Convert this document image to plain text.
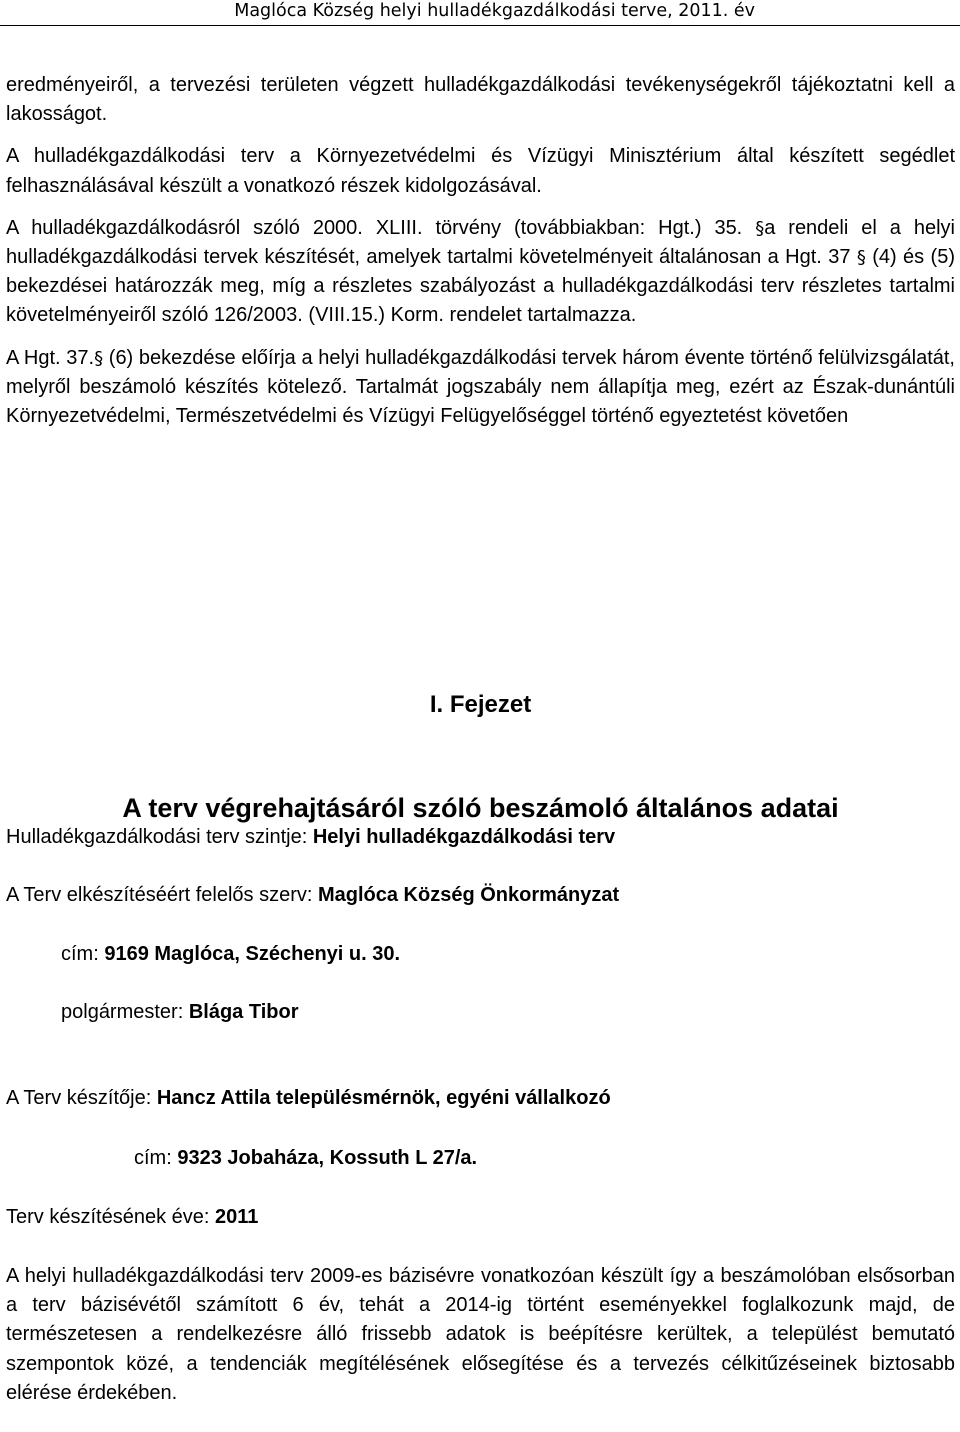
Maglóca Község helyi hulladékgazdálkodási terve, 2011. év

eredményeiről, a tervezési területen végzett hulladékgazdálkodási tevékenységekről tájékoztatni kell a lakosságot.

A hulladékgazdálkodási terv a Környezetvédelmi és Vízügyi Minisztérium által készített segédlet felhasználásával készült a vonatkozó részek kidolgozásával.

A hulladékgazdálkodásról szóló 2000. XLIII. törvény (továbbiakban: Hgt.) 35. §a rendeli el a helyi hulladékgazdálkodási tervek készítését, amelyek tartalmi követelményeit általánosan a Hgt. 37 § (4) és (5) bekezdései határozzák meg, míg a részletes szabályozást a hulladékgazdálkodási terv részletes tartalmi követelményeiről szóló 126/2003. (VIII.15.) Korm. rendelet tartalmazza.

A Hgt. 37.§ (6) bekezdése előírja a helyi hulladékgazdálkodási tervek három évente történő felülvizsgálatát, melyről beszámoló készítés kötelező. Tartalmát jogszabály nem állapítja meg, ezért az Észak-dunántúli Környezetvédelmi, Természetvédelmi és Vízügyi Felügyelőséggel történő egyeztetést követően

I. Fejezet

A terv végrehajtásáról szóló beszámoló általános adatai

Hulladékgazdálkodási terv szintje: Helyi hulladékgazdálkodási terv
A Terv elkészítéséért felelős szerv: Maglóca Község Önkormányzat
cím: 9169 Maglóca, Széchenyi u. 30.
polgármester: Blága Tibor
A Terv készítője: Hancz Attila településmérnök, egyéni vállalkozó
cím: 9323 Jobaháza, Kossuth L 27/a.
Terv készítésének éve: 2011

A helyi hulladékgazdálkodási terv 2009-es bázisévre vonatkozóan készült így a beszámolóban elsősorban a terv bázisévétől számított 6 év, tehát a 2014-ig történt eseményekkel foglalkozunk majd, de természetesen a rendelkezésre álló frissebb adatok is beépítésre kerültek, a települést bemutató szempontok közé, a tendenciák megítélésének elősegítése és a tervezés célkitűzéseinek biztosabb elérése érdekében.
